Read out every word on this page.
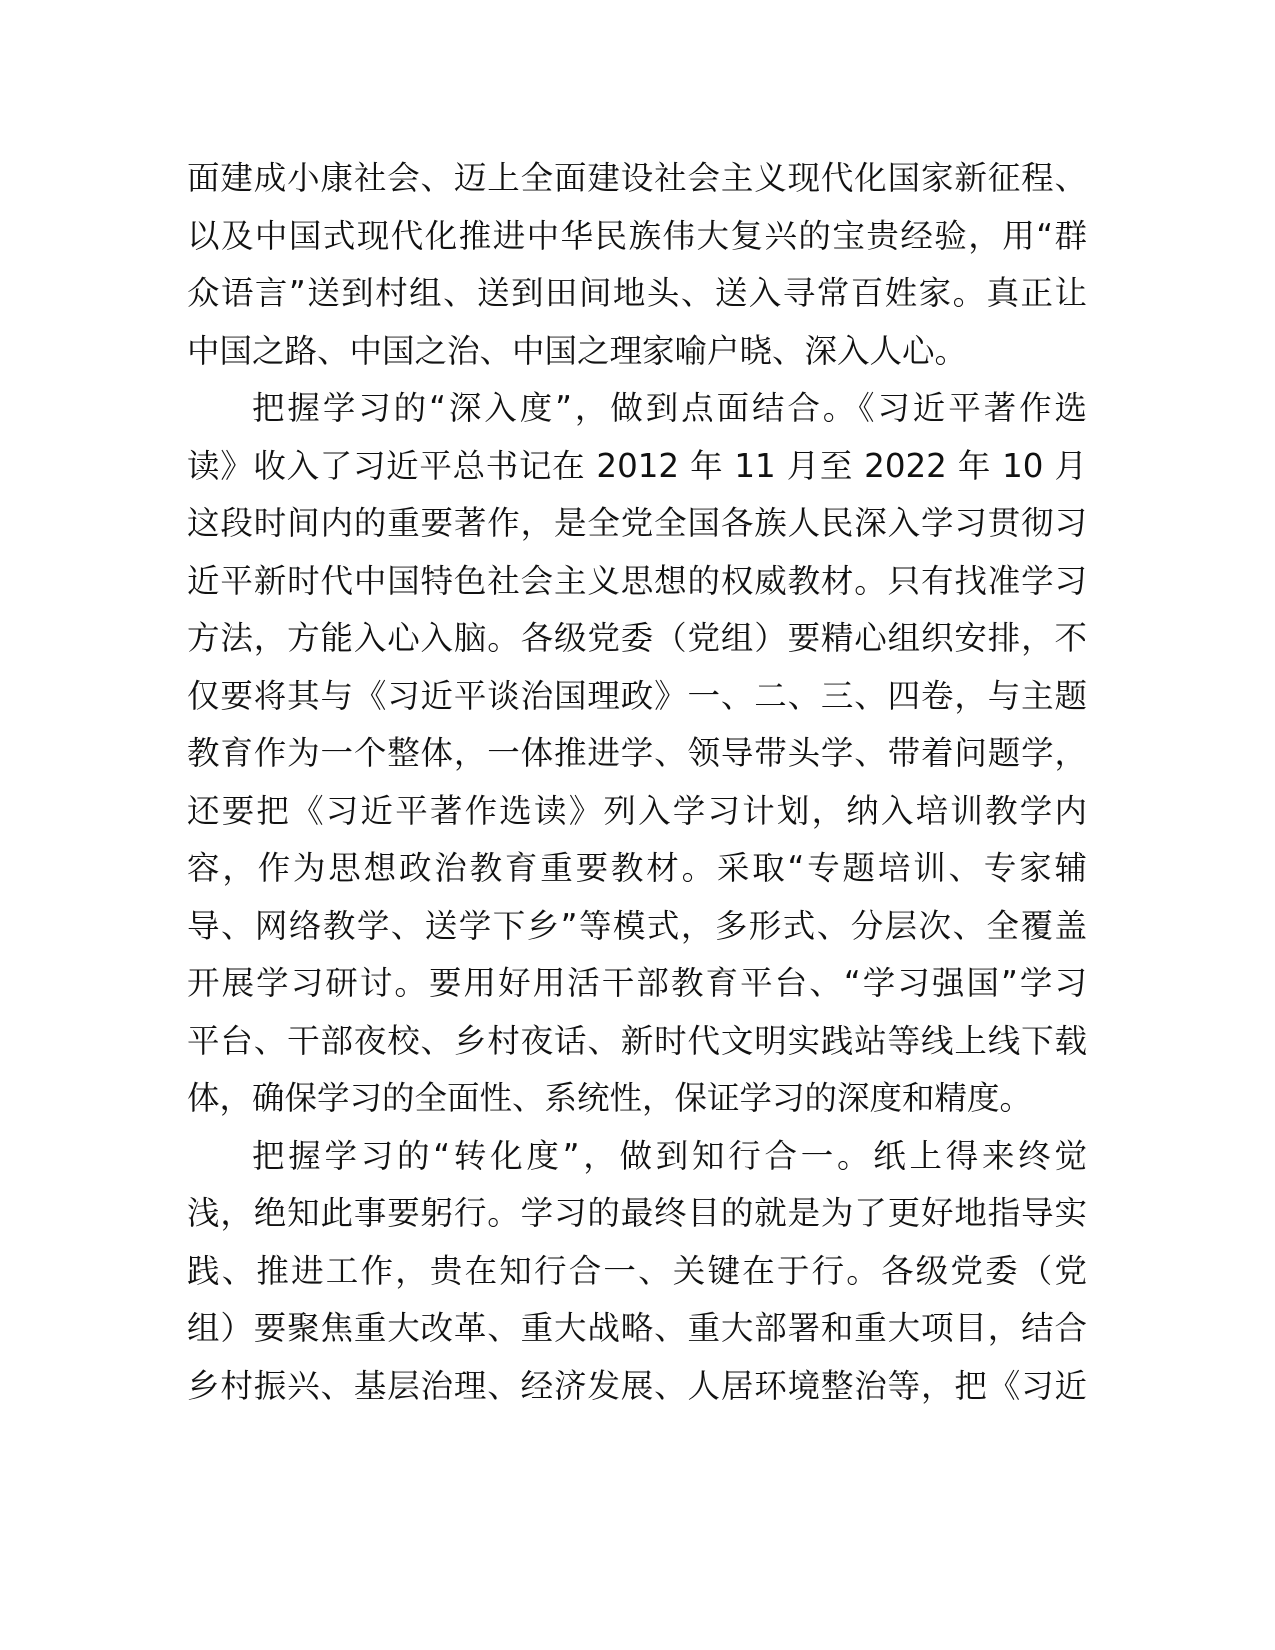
面建成小康社会、迈上全面建设社会主义现代化国家新征程、
以及中国式现代化推进中华民族伟大复兴的宝贵经验，用“群
众语言”送到村组、送到田间地头、送入寻常百姓家。真正让
中国之路、中国之治、中国之理家喻户晓、深入人心。
把握学习的“深入度”，做到点面结合。《习近平著作选
读》收入了习近平总书记在 2012 年 11 月至 2022 年 10 月
这段时间内的重要著作，是全党全国各族人民深入学习贯彻习
近平新时代中国特色社会主义思想的权威教材。只有找准学习
方法，方能入心入脑。各级党委（党组）要精心组织安排，不
仅要将其与《习近平谈治国理政》一、二、三、四卷，与主题
教育作为一个整体，一体推进学、领导带头学、带着问题学，
还要把《习近平著作选读》列入学习计划，纳入培训教学内
容，作为思想政治教育重要教材。采取“专题培训、专家辅
导、网络教学、送学下乡”等模式，多形式、分层次、全覆盖
开展学习研讨。要用好用活干部教育平台、“学习强国”学习
平台、干部夜校、乡村夜话、新时代文明实践站等线上线下载
体，确保学习的全面性、系统性，保证学习的深度和精度。
把握学习的“转化度”，做到知行合一。纸上得来终觉
浅，绝知此事要躬行。学习的最终目的就是为了更好地指导实
践、推进工作，贵在知行合一、关键在于行。各级党委（党
组）要聚焦重大改革、重大战略、重大部署和重大项目，结合
乡村振兴、基层治理、经济发展、人居环境整治等，把《习近
